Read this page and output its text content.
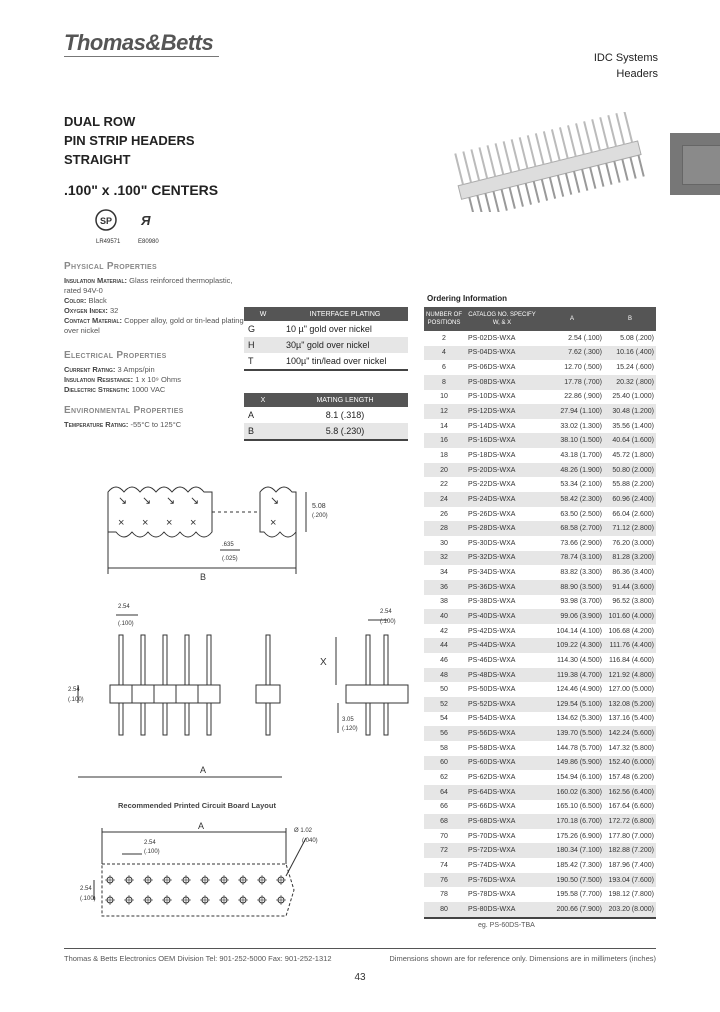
Thomas&Betts
IDC Systems
Headers
DUAL ROW
PIN STRIP HEADERS
STRAIGHT
.100" x .100" CENTERS
SP Я
LR49571	E80980
Physical Properties
Insulation Material: Glass reinforced thermoplastic, rated 94V-0
Color: Black
Oxygen Index: 32
Contact Material: Copper alloy, gold or tin-lead plating over nickel
Electrical Properties
Current Rating: 3 Amps/pin
Insulation Resistance: 1 x 10⁹ Ohms
Dielectric Strength: 1000 VAC
Environmental Properties
Temperature Rating: -55°C to 125°C
W	INTERFACE PLATING
G	10 µ" gold over nickel
H	30µ" gold over nickel
T	100µ" tin/lead over nickel
X	MATING LENGTH
A	8.1 (.318)
B	5.8 (.230)
Ordering Information
NUMBER OF POSITIONS	CATALOG NO. SPECIFY W, & X	A	B
2	PS-02DS-WXA	2.54 (.100)	5.08 (.200)
4	PS-04DS-WXA	7.62 (.300)	10.16 (.400)
6	PS-06DS-WXA	12.70 (.500)	15.24 (.600)
8	PS-08DS-WXA	17.78 (.700)	20.32 (.800)
10	PS-10DS-WXA	22.86 (.900)	25.40 (1.000)
12	PS-12DS-WXA	27.94 (1.100)	30.48 (1.200)
14	PS-14DS-WXA	33.02 (1.300)	35.56 (1.400)
16	PS-16DS-WXA	38.10 (1.500)	40.64 (1.600)
18	PS-18DS-WXA	43.18 (1.700)	45.72 (1.800)
20	PS-20DS-WXA	48.26 (1.900)	50.80 (2.000)
22	PS-22DS-WXA	53.34 (2.100)	55.88 (2.200)
24	PS-24DS-WXA	58.42 (2.300)	60.96 (2.400)
26	PS-26DS-WXA	63.50 (2.500)	66.04 (2.600)
28	PS-28DS-WXA	68.58 (2.700)	71.12 (2.800)
30	PS-30DS-WXA	73.66 (2.900)	76.20 (3.000)
32	PS-32DS-WXA	78.74 (3.100)	81.28 (3.200)
34	PS-34DS-WXA	83.82 (3.300)	86.36 (3.400)
36	PS-36DS-WXA	88.90 (3.500)	91.44 (3.600)
38	PS-38DS-WXA	93.98 (3.700)	96.52 (3.800)
40	PS-40DS-WXA	99.06 (3.900)	101.60 (4.000)
42	PS-42DS-WXA	104.14 (4.100)	106.68 (4.200)
44	PS-44DS-WXA	109.22 (4.300)	111.76 (4.400)
46	PS-46DS-WXA	114.30 (4.500)	116.84 (4.600)
48	PS-48DS-WXA	119.38 (4.700)	121.92 (4.800)
50	PS-50DS-WXA	124.46 (4.900)	127.00 (5.000)
52	PS-52DS-WXA	129.54 (5.100)	132.08 (5.200)
54	PS-54DS-WXA	134.62 (5.300)	137.16 (5.400)
56	PS-56DS-WXA	139.70 (5.500)	142.24 (5.600)
58	PS-58DS-WXA	144.78 (5.700)	147.32 (5.800)
60	PS-60DS-WXA	149.86 (5.900)	152.40 (6.000)
62	PS-62DS-WXA	154.94 (6.100)	157.48 (6.200)
64	PS-64DS-WXA	160.02 (6.300)	162.56 (6.400)
66	PS-66DS-WXA	165.10 (6.500)	167.64 (6.600)
68	PS-68DS-WXA	170.18 (6.700)	172.72 (6.800)
70	PS-70DS-WXA	175.26 (6.900)	177.80 (7.000)
72	PS-72DS-WXA	180.34 (7.100)	182.88 (7.200)
74	PS-74DS-WXA	185.42 (7.300)	187.96 (7.400)
76	PS-76DS-WXA	190.50 (7.500)	193.04 (7.600)
78	PS-78DS-WXA	195.58 (7.700)	198.12 (7.800)
80	PS-80DS-WXA	200.66 (7.900)	203.20 (8.000)
eg. PS-60DS-TBA
↘ ↘ ↘ ↘
× × × ×
↘
×
5.08
(.200)
.635
(.025)
B
2.54
(.100)
2.54
(.100)
2.54
(.100)
X
3.05
(.120)
A
Recommended Printed Circuit Board Layout
A
2.54
(.100)
2.54
(.100)
Ø 1.02
(.040)
Thomas & Betts Electronics OEM Division Tel: 901-252-5000 Fax: 901-252-1312	Dimensions shown are for reference only. Dimensions are in millimeters (inches)
43
